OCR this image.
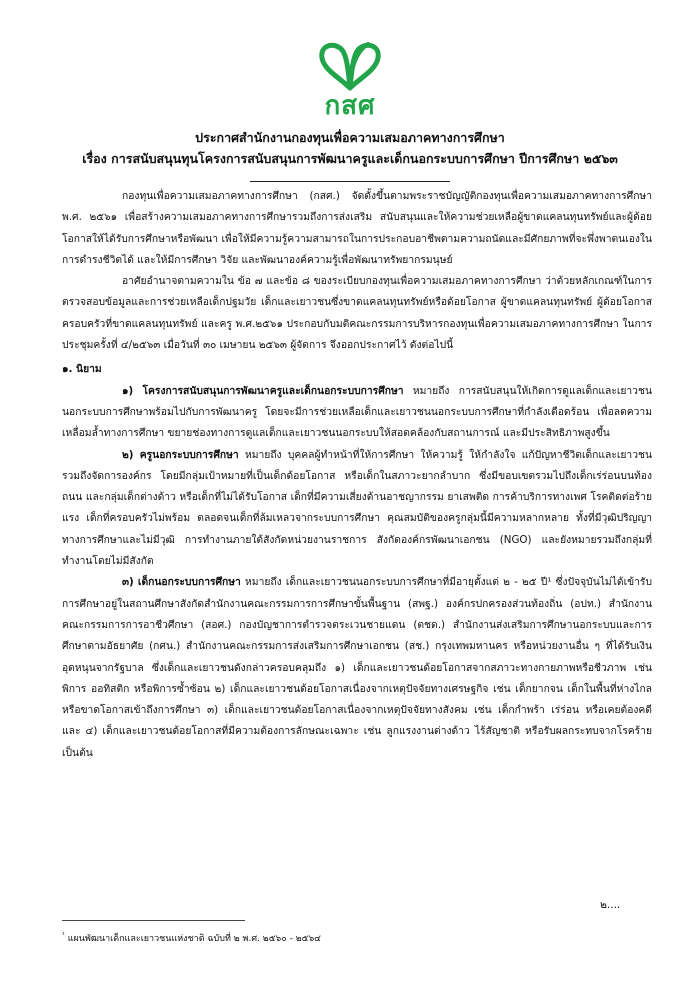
กสศ
ประกาศสำนักงานกองทุนเพื่อความเสมอภาคทางการศึกษา
เรื่อง การสนับสนุนทุนโครงการสนับสนุนการพัฒนาครูและเด็กนอกระบบการศึกษา ปีการศึกษา ๒๕๖๓

กองทุนเพื่อความเสมอภาคทางการศึกษา (กสศ.) จัดตั้งขึ้นตามพระราชบัญญัติกองทุนเพื่อความเสมอภาคทางการศึกษา พ.ศ. ๒๕๖๑ เพื่อสร้างความเสมอภาคทางการศึกษารวมถึงการส่งเสริม สนับสนุนและให้ความช่วยเหลือผู้ขาดแคลนทุนทรัพย์และผู้ด้อยโอกาสให้ได้รับการศึกษาหรือพัฒนา เพื่อให้มีความรู้ความสามารถในการประกอบอาชีพตามความถนัดและมีศักยภาพที่จะพึ่งพาตนเองในการดำรงชีวิตได้ และให้มีการศึกษา วิจัย และพัฒนาองค์ความรู้เพื่อพัฒนาทรัพยากรมนุษย์

อาศัยอำนาจตามความใน ข้อ ๗ และข้อ ๘ ของระเบียบกองทุนเพื่อความเสมอภาคทางการศึกษา ว่าด้วยหลักเกณฑ์ในการตรวจสอบข้อมูลและการช่วยเหลือเด็กปฐมวัย เด็กและเยาวชนซึ่งขาดแคลนทุนทรัพย์หรือด้อยโอกาส ผู้ขาดแคลนทุนทรัพย์ ผู้ด้อยโอกาส ครอบครัวที่ขาดแคลนทุนทรัพย์ และครู พ.ศ.๒๕๖๑ ประกอบกับมติคณะกรรมการบริหารกองทุนเพื่อความเสมอภาคทางการศึกษา ในการประชุมครั้งที่ ๔/๒๕๖๓ เมื่อวันที่ ๓๐ เมษายน ๒๕๖๓ ผู้จัดการ จึงออกประกาศไว้ ดังต่อไปนี้

๑. นิยาม

๑) โครงการสนับสนุนการพัฒนาครูและเด็กนอกระบบการศึกษา หมายถึง การสนับสนุนให้เกิดการดูแลเด็กและเยาวชนนอกระบบการศึกษาพร้อมไปกับการพัฒนาครู โดยจะมีการช่วยเหลือเด็กและเยาวชนนอกระบบการศึกษาที่กำลังเดือดร้อน เพื่อลดความเหลื่อมล้ำทางการศึกษา ขยายช่องทางการดูแลเด็กและเยาวชนนอกระบบให้สอดคล้องกับสถานการณ์ และมีประสิทธิภาพสูงขึ้น

๒) ครูนอกระบบการศึกษา หมายถึง บุคคลผู้ทำหน้าที่ให้การศึกษา ให้ความรู้ ให้กำลังใจ แก้ปัญหาชีวิตเด็กและเยาวชน รวมถึงจัดการองค์กร โดยมีกลุ่มเป้าหมายที่เป็นเด็กด้อยโอกาส หรือเด็กในสภาวะยากลำบาก ซึ่งมีขอบเขตรวมไปถึงเด็กเร่ร่อนบนท้องถนน และกลุ่มเด็กต่างด้าว หรือเด็กที่ไม่ได้รับโอกาส เด็กที่มีความเสี่ยงด้านอาชญากรรม ยาเสพติด การค้าบริการทางเพศ โรคติดต่อร้ายแรง เด็กที่ครอบครัวไม่พร้อม ตลอดจนเด็กที่ล้มเหลวจากระบบการศึกษา คุณสมบัติของครูกลุ่มนี้มีความหลากหลาย ทั้งที่มีวุฒิปริญญาทางการศึกษาและไม่มีวุฒิ การทำงานภายใต้สังกัดหน่วยงานราชการ สังกัดองค์กรพัฒนาเอกชน (NGO) และยังหมายรวมถึงกลุ่มที่ทำงานโดยไม่มีสังกัด

๓) เด็กนอกระบบการศึกษา หมายถึง เด็กและเยาวชนนอกระบบการศึกษาที่มีอายุตั้งแต่ ๒ - ๒๕ ปี¹ ซึ่งปัจจุบันไม่ได้เข้ารับการศึกษาอยู่ในสถานศึกษาสังกัดสำนักงานคณะกรรมการการศึกษาขั้นพื้นฐาน (สพฐ.) องค์กรปกครองส่วนท้องถิ่น (อปท.) สำนักงานคณะกรรมการการอาชีวศึกษา (สอศ.) กองบัญชาการตำรวจตระเวนชายแดน (ตชด.) สำนักงานส่งเสริมการศึกษานอกระบบและการศึกษาตามอัธยาศัย (กศน.) สำนักงานคณะกรรมการส่งเสริมการศึกษาเอกชน (สช.) กรุงเทพมหานคร หรือหน่วยงานอื่น ๆ ที่ได้รับเงินอุดหนุนจากรัฐบาล ซึ่งเด็กและเยาวชนดังกล่าวครอบคลุมถึง ๑) เด็กและเยาวชนด้อยโอกาสจากสภาวะทางกายภาพหรือชีวภาพ เช่น พิการ ออทิสติก หรือพิการซ้ำซ้อน ๒) เด็กและเยาวชนด้อยโอกาสเนื่องจากเหตุปัจจัยทางเศรษฐกิจ เช่น เด็กยากจน เด็กในพื้นที่ห่างไกล หรือขาดโอกาสเข้าถึงการศึกษา ๓) เด็กและเยาวชนด้อยโอกาสเนื่องจากเหตุปัจจัยทางสังคม เช่น เด็กกำพร้า เร่ร่อน หรือเคยต้องคดี และ ๔) เด็กและเยาวชนด้อยโอกาสที่มีความต้องการลักษณะเฉพาะ เช่น ลูกแรงงานต่างด้าว ไร้สัญชาติ หรือรับผลกระทบจากโรคร้าย เป็นต้น

๒....
$^{^1}$ แผนพัฒนาเด็กและเยาวชนแห่งชาติ ฉบับที่ ๒ พ.ศ. ๒๕๖๐ - ๒๕๖๔
